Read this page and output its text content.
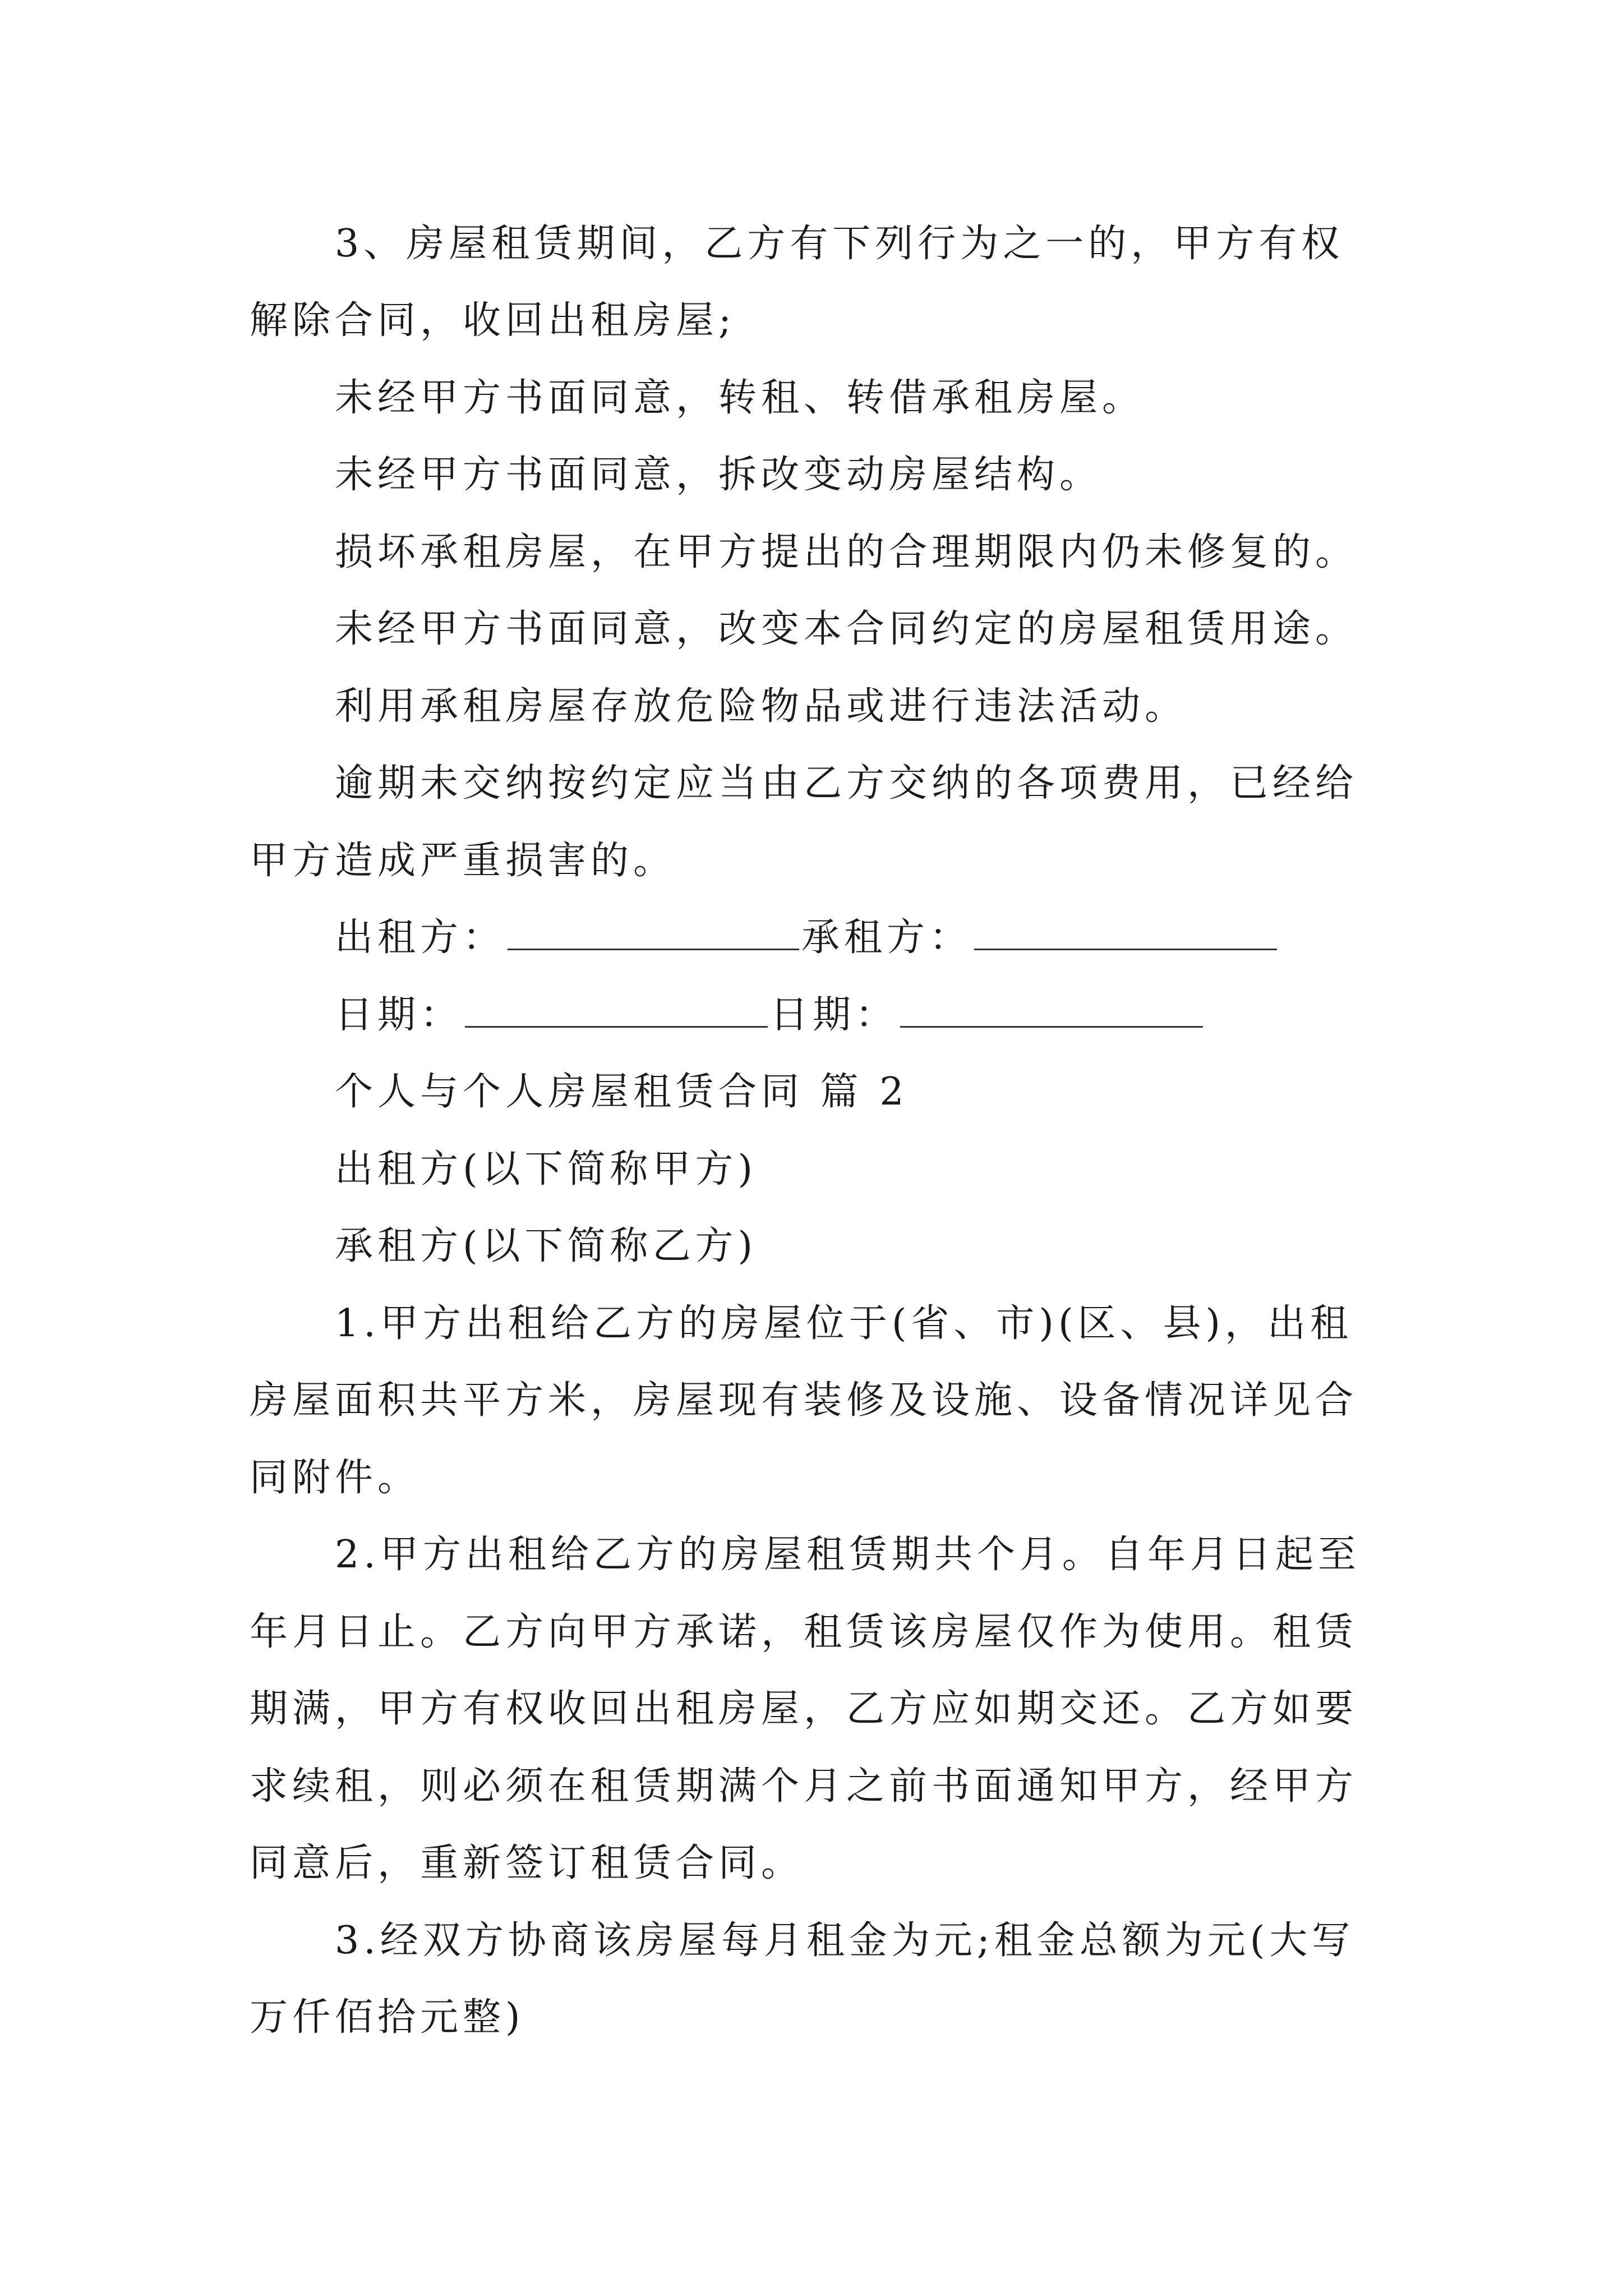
3、房屋租赁期间，乙方有下列行为之一的，甲方有权
解除合同，收回出租房屋;
未经甲方书面同意，转租、转借承租房屋。
未经甲方书面同意，拆改变动房屋结构。
损坏承租房屋，在甲方提出的合理期限内仍未修复的。
未经甲方书面同意，改变本合同约定的房屋租赁用途。
利用承租房屋存放危险物品或进行违法活动。
逾期未交纳按约定应当由乙方交纳的各项费用，已经给
甲方造成严重损害的。
出租方：	承租方：
日期：	日期：
个人与个人房屋租赁合同 篇 2
出租方(以下简称甲方)
承租方(以下简称乙方)
1.甲方出租给乙方的房屋位于(省、市)(区、县)，出租
房屋面积共平方米，房屋现有装修及设施、设备情况详见合
同附件。
2.甲方出租给乙方的房屋租赁期共个月。自年月日起至
年月日止。乙方向甲方承诺，租赁该房屋仅作为使用。租赁
期满，甲方有权收回出租房屋，乙方应如期交还。乙方如要
求续租，则必须在租赁期满个月之前书面通知甲方，经甲方
同意后，重新签订租赁合同。
3.经双方协商该房屋每月租金为元;租金总额为元(大写
万仟佰拾元整)
